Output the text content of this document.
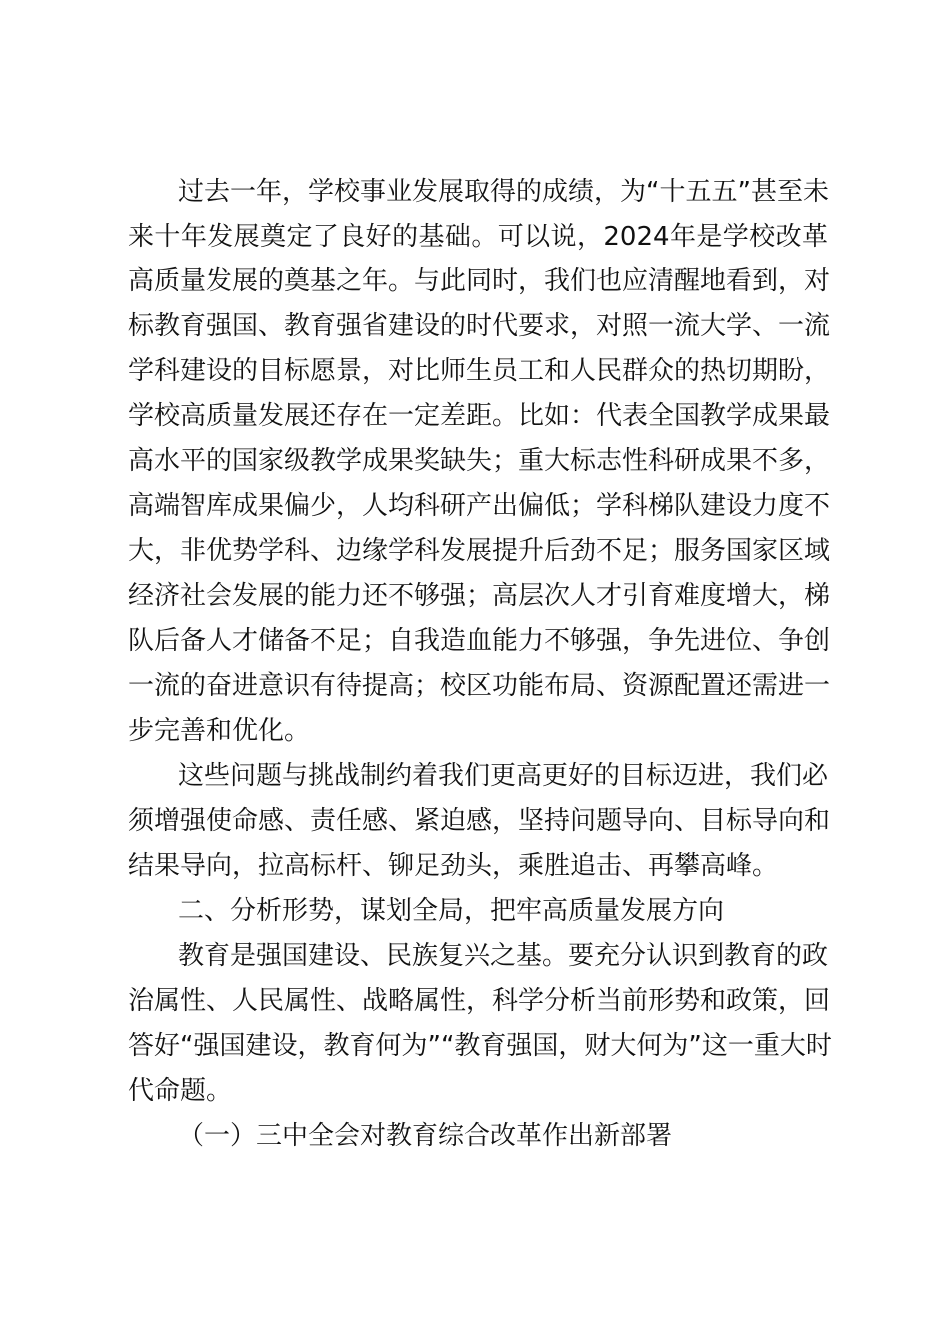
过去一年，学校事业发展取得的成绩，为“十五五”甚至未
来十年发展奠定了良好的基础。可以说，2024年是学校改革
高质量发展的奠基之年。与此同时，我们也应清醒地看到，对
标教育强国、教育强省建设的时代要求，对照一流大学、一流
学科建设的目标愿景，对比师生员工和人民群众的热切期盼，
学校高质量发展还存在一定差距。比如：代表全国教学成果最
高水平的国家级教学成果奖缺失；重大标志性科研成果不多，
高端智库成果偏少，人均科研产出偏低；学科梯队建设力度不
大，非优势学科、边缘学科发展提升后劲不足；服务国家区域
经济社会发展的能力还不够强；高层次人才引育难度增大，梯
队后备人才储备不足；自我造血能力不够强，争先进位、争创
一流的奋进意识有待提高；校区功能布局、资源配置还需进一
步完善和优化。
这些问题与挑战制约着我们更高更好的目标迈进，我们必
须增强使命感、责任感、紧迫感，坚持问题导向、目标导向和
结果导向，拉高标杆、铆足劲头，乘胜追击、再攀高峰。
二、分析形势，谋划全局，把牢高质量发展方向
教育是强国建设、民族复兴之基。要充分认识到教育的政
治属性、人民属性、战略属性，科学分析当前形势和政策，回
答好“强国建设，教育何为”“教育强国，财大何为”这一重大时
代命题。
（一）三中全会对教育综合改革作出新部署
